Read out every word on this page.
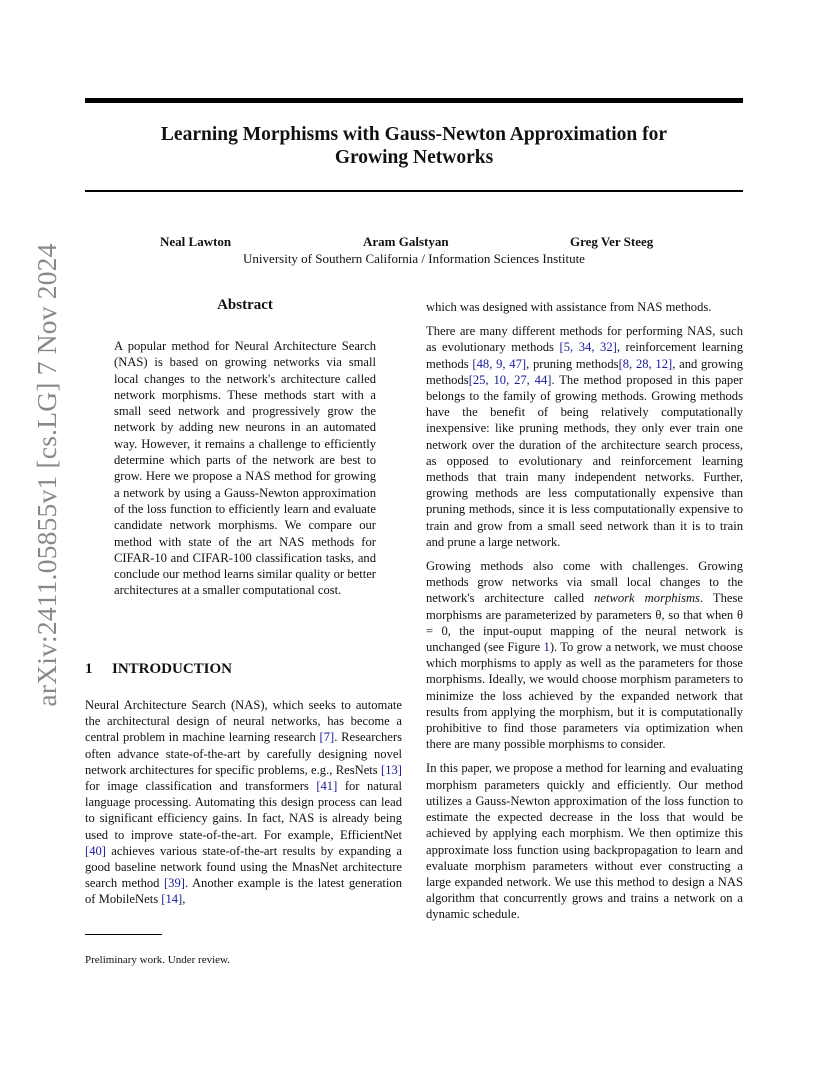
Learning Morphisms with Gauss-Newton Approximation for
Growing Networks
Neal Lawton	Aram Galstyan	Greg Ver Steeg
University of Southern California / Information Sciences Institute
arXiv:2411.05855v1 [cs.LG] 7 Nov 2024	Abstract
A popular method for Neural Architecture Search (NAS) is based on growing networks via small local changes to the network's architecture called network morphisms. These methods start with a small seed network and progressively grow the network by adding new neurons in an automated way. However, it remains a challenge to efficiently determine which parts of the network are best to grow. Here we propose a NAS method for growing a network by using a Gauss-Newton approximation of the loss function to efficiently learn and evaluate candidate network morphisms. We compare our method with state of the art NAS methods for CIFAR-10 and CIFAR-100 classification tasks, and conclude our method learns similar quality or better architectures at a smaller computational cost.
1 INTRODUCTION

Neural Architecture Search (NAS), which seeks to automate the architectural design of neural networks, has become a central problem in machine learning research [7]. Researchers often advance state-of-the-art by carefully designing novel network architectures for specific problems, e.g., ResNets [13] for image classification and transformers [41] for natural language processing. Automating this design process can lead to significant efficiency gains. In fact, NAS is already being used to improve state-of-the-art. For example, EfficientNet [40] achieves various state-of-the-art results by expanding a good baseline network found using the MnasNet architecture search method [39]. Another example is the latest generation of MobileNets [14],

which was designed with assistance from NAS methods.

There are many different methods for performing NAS, such as evolutionary methods [5, 34, 32], reinforcement learning methods [48, 9, 47], pruning methods[8, 28, 12], and growing methods[25, 10, 27, 44]. The method proposed in this paper belongs to the family of growing methods. Growing methods have the benefit of being relatively computationally inexpensive: like pruning methods, they only ever train one network over the duration of the architecture search process, as opposed to evolutionary and reinforcement learning methods that train many independent networks. Further, growing methods are less computationally expensive than pruning methods, since it is less computationally expensive to train and grow from a small seed network than it is to train and prune a large network.

Growing methods also come with challenges. Growing methods grow networks via small local changes to the network's architecture called network morphisms. These morphisms are parameterized by parameters θ, so that when θ = 0, the input-ouput mapping of the neural network is unchanged (see Figure 1). To grow a network, we must choose which morphisms to apply as well as the parameters for those morphisms. Ideally, we would choose morphism parameters to minimize the loss achieved by the expanded network that results from applying the morphism, but it is computationally prohibitive to find those parameters via optimization when there are many possible morphisms to consider.

In this paper, we propose a method for learning and evaluating morphism parameters quickly and efficiently. Our method utilizes a Gauss-Newton approximation of the loss function to estimate the expected decrease in the loss that would be achieved by applying each morphism. We then optimize this approximate loss function using backpropagation to learn and evaluate morphism parameters without ever constructing a large expanded network. We use this method to design a NAS algorithm that concurrently grows and trains a network on a dynamic schedule.

Preliminary work. Under review.
